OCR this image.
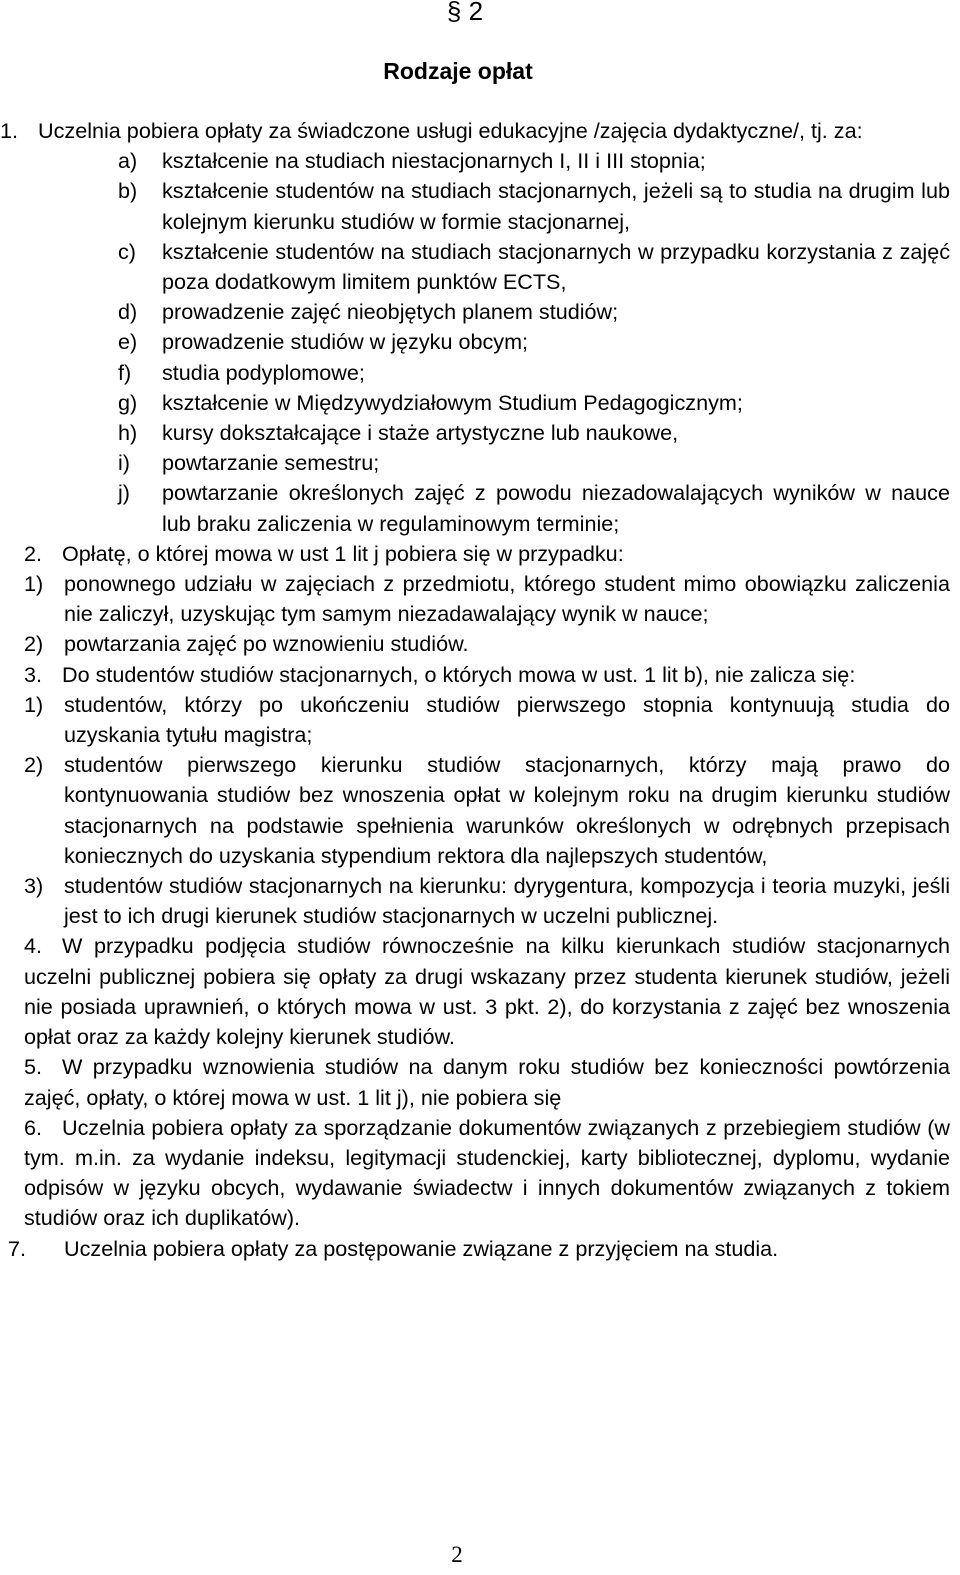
§ 2
Rodzaje opłat
1. Uczelnia pobiera opłaty za świadczone usługi edukacyjne /zajęcia dydaktyczne/, tj. za:
a)	kształcenie na studiach niestacjonarnych I, II i III stopnia;
b)	kształcenie studentów na studiach stacjonarnych, jeżeli są to studia na drugim lub kolejnym kierunku studiów w formie stacjonarnej,
c)	kształcenie studentów na studiach stacjonarnych w przypadku korzystania z zajęć poza dodatkowym limitem punktów ECTS,
d)	prowadzenie zajęć nieobjętych planem studiów;
e)	prowadzenie studiów w języku obcym;
f)	studia podyplomowe;
g)	kształcenie w Międzywydziałowym Studium Pedagogicznym;
h)	kursy dokształcające i staże artystyczne lub naukowe,
i)	powtarzanie semestru;
j)	powtarzanie określonych zajęć z powodu niezadowalających wyników w nauce lub braku zaliczenia w regulaminowym terminie;
2. Opłatę, o której mowa w ust 1 lit j pobiera się w przypadku:
1) ponownego udziału w zajęciach z przedmiotu, którego student mimo obowiązku zaliczenia nie zaliczył, uzyskując tym samym niezadawalający wynik w nauce;
2) powtarzania zajęć po wznowieniu studiów.
3. Do studentów studiów stacjonarnych, o których mowa w ust. 1 lit b), nie zalicza się:
1) studentów, którzy po ukończeniu studiów pierwszego stopnia kontynuują studia do uzyskania tytułu magistra;
2) studentów pierwszego kierunku studiów stacjonarnych, którzy mają prawo do kontynuowania studiów bez wnoszenia opłat w kolejnym roku na drugim kierunku studiów stacjonarnych na podstawie spełnienia warunków określonych w odrębnych przepisach koniecznych do uzyskania stypendium rektora dla najlepszych studentów,
3) studentów studiów stacjonarnych na kierunku: dyrygentura, kompozycja i teoria muzyki, jeśli jest to ich drugi kierunek studiów stacjonarnych w uczelni publicznej.
4. W przypadku podjęcia studiów równocześnie na kilku kierunkach studiów stacjonarnych uczelni publicznej pobiera się opłaty za drugi wskazany przez studenta kierunek studiów, jeżeli nie posiada uprawnień, o których mowa w ust. 3 pkt. 2), do korzystania z zajęć bez wnoszenia opłat oraz za każdy kolejny kierunek studiów.
5. W przypadku wznowienia studiów na danym roku studiów bez konieczności powtórzenia zajęć, opłaty, o której mowa w ust. 1 lit j), nie pobiera się
6. Uczelnia pobiera opłaty za sporządzanie dokumentów związanych z przebiegiem studiów (w tym. m.in. za wydanie indeksu, legitymacji studenckiej, karty bibliotecznej, dyplomu, wydanie odpisów w języku obcych, wydawanie świadectw i innych dokumentów związanych z tokiem studiów oraz ich duplikatów).
7.	Uczelnia pobiera opłaty za postępowanie związane z przyjęciem na studia.
2
